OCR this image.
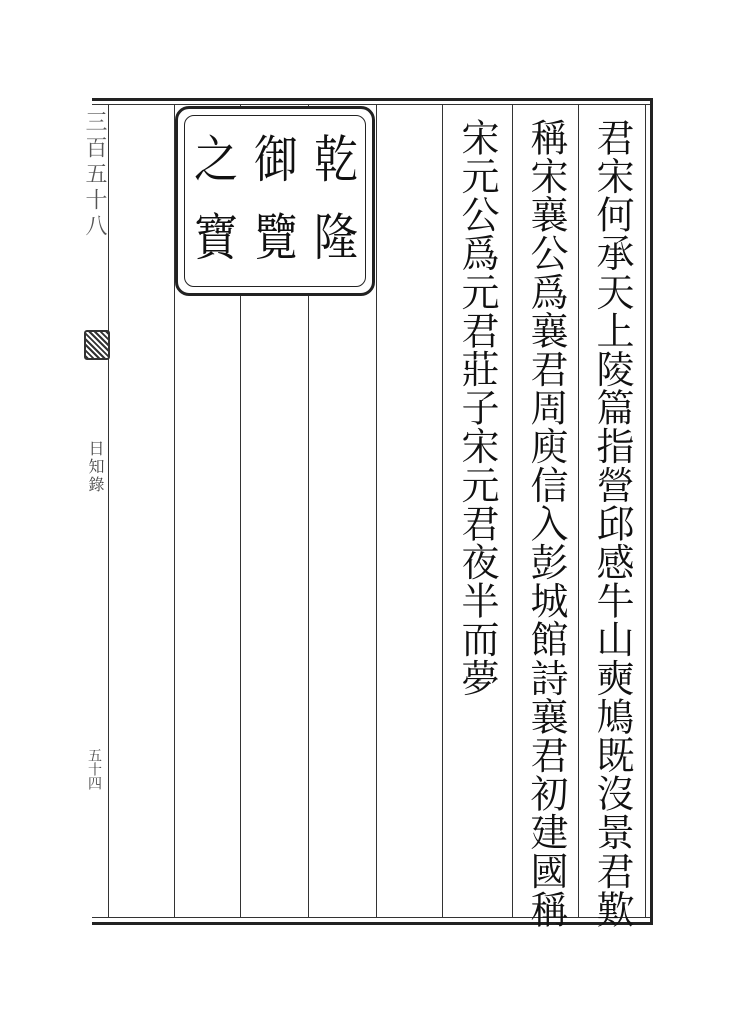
三百五十八
日知錄
五十四
乾
隆
御
覽
之
寶	君宋何承天上陵篇指營邱感牛山奭鳩既沒景君歎
稱宋襄公爲襄君周庾信入彭城館詩襄君初建國稱
宋元公爲元君莊子宋元君夜半而夢
